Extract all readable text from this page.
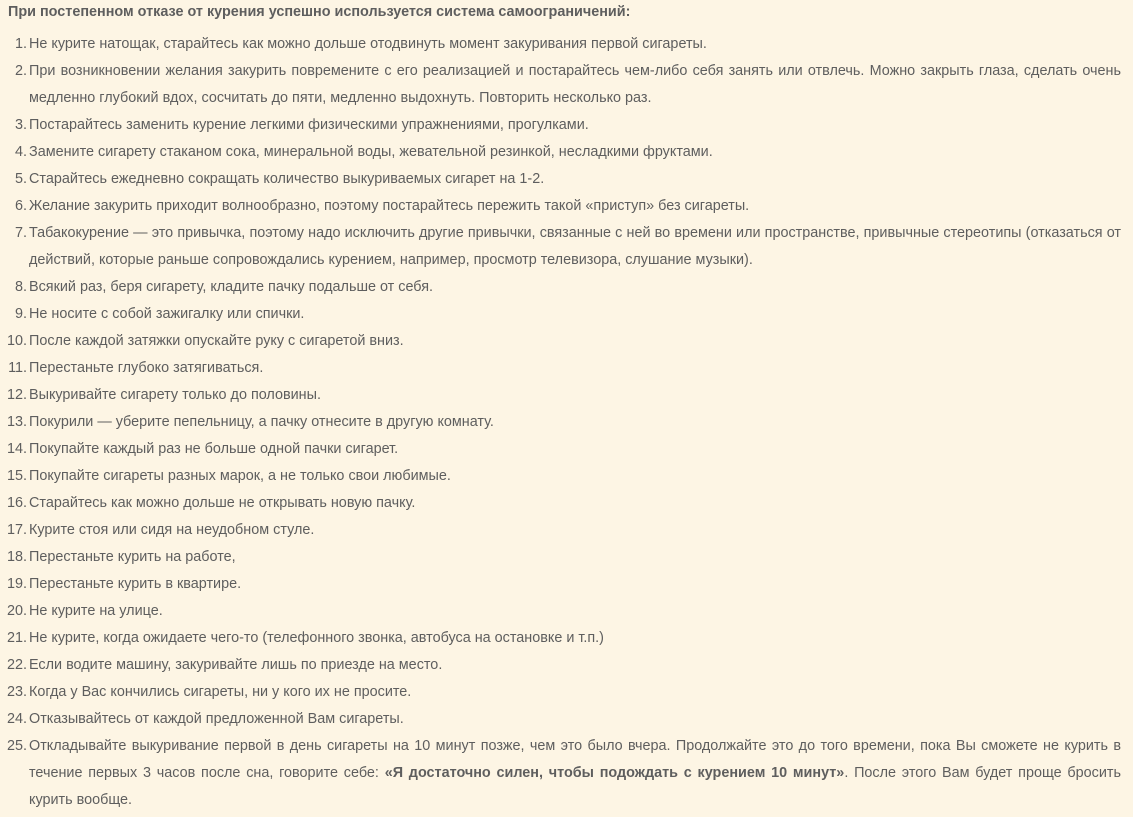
При постепенном отказе от курения успешно используется система самоограничений:

1. Не курите натощак, старайтесь как можно дольше отодвинуть момент закуривания первой сигареты.
2. При возникновении желания закурить повремените с его реализацией и постарайтесь чем-либо себя занять или отвлечь. Можно закрыть глаза, сделать очень медленно глубокий вдох, сосчитать до пяти, медленно выдохнуть. Повторить несколько раз.
3. Постарайтесь заменить курение легкими физическими упражнениями, прогулками.
4. Замените сигарету стаканом сока, минеральной воды, жевательной резинкой, несладкими фруктами.
5. Старайтесь ежедневно сокращать количество выкуриваемых сигарет на 1-2.
6. Желание закурить приходит волнообразно, поэтому постарайтесь пережить такой «приступ» без сигареты.
7. Табакокурение — это привычка, поэтому надо исключить другие привычки, связанные с ней во времени или пространстве, привычные стереотипы (отказаться от действий, которые раньше сопровождались курением, например, просмотр телевизора, слушание музыки).
8. Всякий раз, беря сигарету, кладите пачку подальше от себя.
9. Не носите с собой зажигалку или спички.
10. После каждой затяжки опускайте руку с сигаретой вниз.
11. Перестаньте глубоко затягиваться.
12. Выкуривайте сигарету только до половины.
13. Покурили — уберите пепельницу, а пачку отнесите в другую комнату.
14. Покупайте каждый раз не больше одной пачки сигарет.
15. Покупайте сигареты разных марок, а не только свои любимые.
16. Старайтесь как можно дольше не открывать новую пачку.
17. Курите стоя или сидя на неудобном стуле.
18. Перестаньте курить на работе,
19. Перестаньте курить в квартире.
20. Не курите на улице.
21. Не курите, когда ожидаете чего-то (телефонного звонка, автобуса на остановке и т.п.)
22. Если водите машину, закуривайте лишь по приезде на место.
23. Когда у Вас кончились сигареты, ни у кого их не просите.
24. Отказывайтесь от каждой предложенной Вам сигареты.
25. Откладывайте выкуривание первой в день сигареты на 10 минут позже, чем это было вчера. Продолжайте это до того времени, пока Вы сможете не курить в течение первых 3 часов после сна, говорите себе: «Я достаточно силен, чтобы подождать с курением 10 минут». После этого Вам будет проще бросить курить вообще.
